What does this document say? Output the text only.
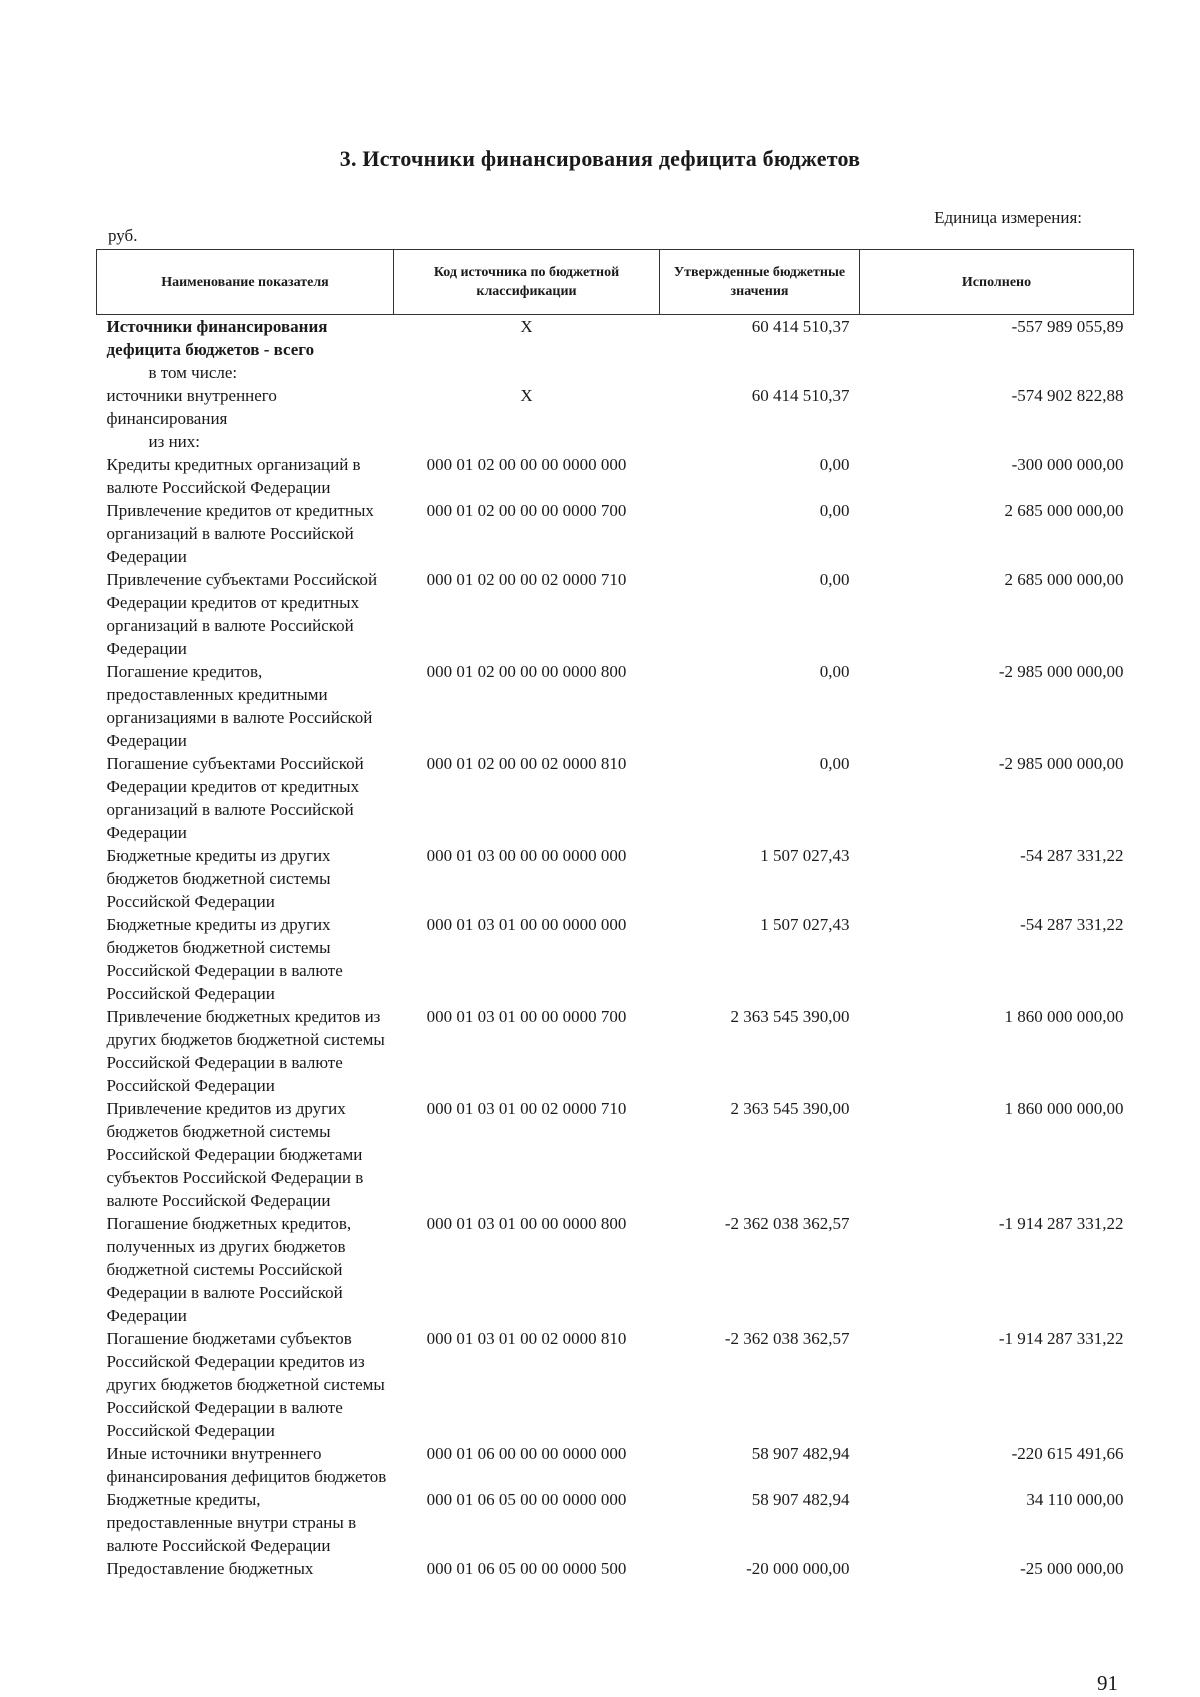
3. Источники финансирования дефицита бюджетов
Единица измерения:
руб.
Наименование показателя	Код источника по бюджетной классификации	Утвержденные бюджетные значения	Исполнено
Источники финансирования дефицита бюджетов - всего	X	60 414 510,37	-557 989 055,89
в том числе:			
источники внутреннего финансирования	X	60 414 510,37	-574 902 822,88
из них:			
Кредиты кредитных организаций в валюте Российской Федерации	000 01 02 00 00 00 0000 000	0,00	-300 000 000,00
Привлечение кредитов от кредитных организаций в валюте Российской Федерации	000 01 02 00 00 00 0000 700	0,00	2 685 000 000,00
Привлечение субъектами Российской Федерации кредитов от кредитных организаций в валюте Российской Федерации	000 01 02 00 00 02 0000 710	0,00	2 685 000 000,00
Погашение кредитов, предоставленных кредитными организациями в валюте Российской Федерации	000 01 02 00 00 00 0000 800	0,00	-2 985 000 000,00
Погашение субъектами Российской Федерации кредитов от кредитных организаций в валюте Российской Федерации	000 01 02 00 00 02 0000 810	0,00	-2 985 000 000,00
Бюджетные кредиты из других бюджетов бюджетной системы Российской Федерации	000 01 03 00 00 00 0000 000	1 507 027,43	-54 287 331,22
Бюджетные кредиты из других бюджетов бюджетной системы Российской Федерации в валюте Российской Федерации	000 01 03 01 00 00 0000 000	1 507 027,43	-54 287 331,22
Привлечение бюджетных кредитов из других бюджетов бюджетной системы Российской Федерации в валюте Российской Федерации	000 01 03 01 00 00 0000 700	2 363 545 390,00	1 860 000 000,00
Привлечение кредитов из других бюджетов бюджетной системы Российской Федерации бюджетами субъектов Российской Федерации в валюте Российской Федерации	000 01 03 01 00 02 0000 710	2 363 545 390,00	1 860 000 000,00
Погашение бюджетных кредитов, полученных из других бюджетов бюджетной системы Российской Федерации в валюте Российской Федерации	000 01 03 01 00 00 0000 800	-2 362 038 362,57	-1 914 287 331,22
Погашение бюджетами субъектов Российской Федерации кредитов из других бюджетов бюджетной системы Российской Федерации в валюте Российской Федерации	000 01 03 01 00 02 0000 810	-2 362 038 362,57	-1 914 287 331,22
Иные источники внутреннего финансирования дефицитов бюджетов	000 01 06 00 00 00 0000 000	58 907 482,94	-220 615 491,66
Бюджетные кредиты, предоставленные внутри страны в валюте Российской Федерации	000 01 06 05 00 00 0000 000	58 907 482,94	34 110 000,00
Предоставление бюджетных	000 01 06 05 00 00 0000 500	-20 000 000,00	-25 000 000,00
91
